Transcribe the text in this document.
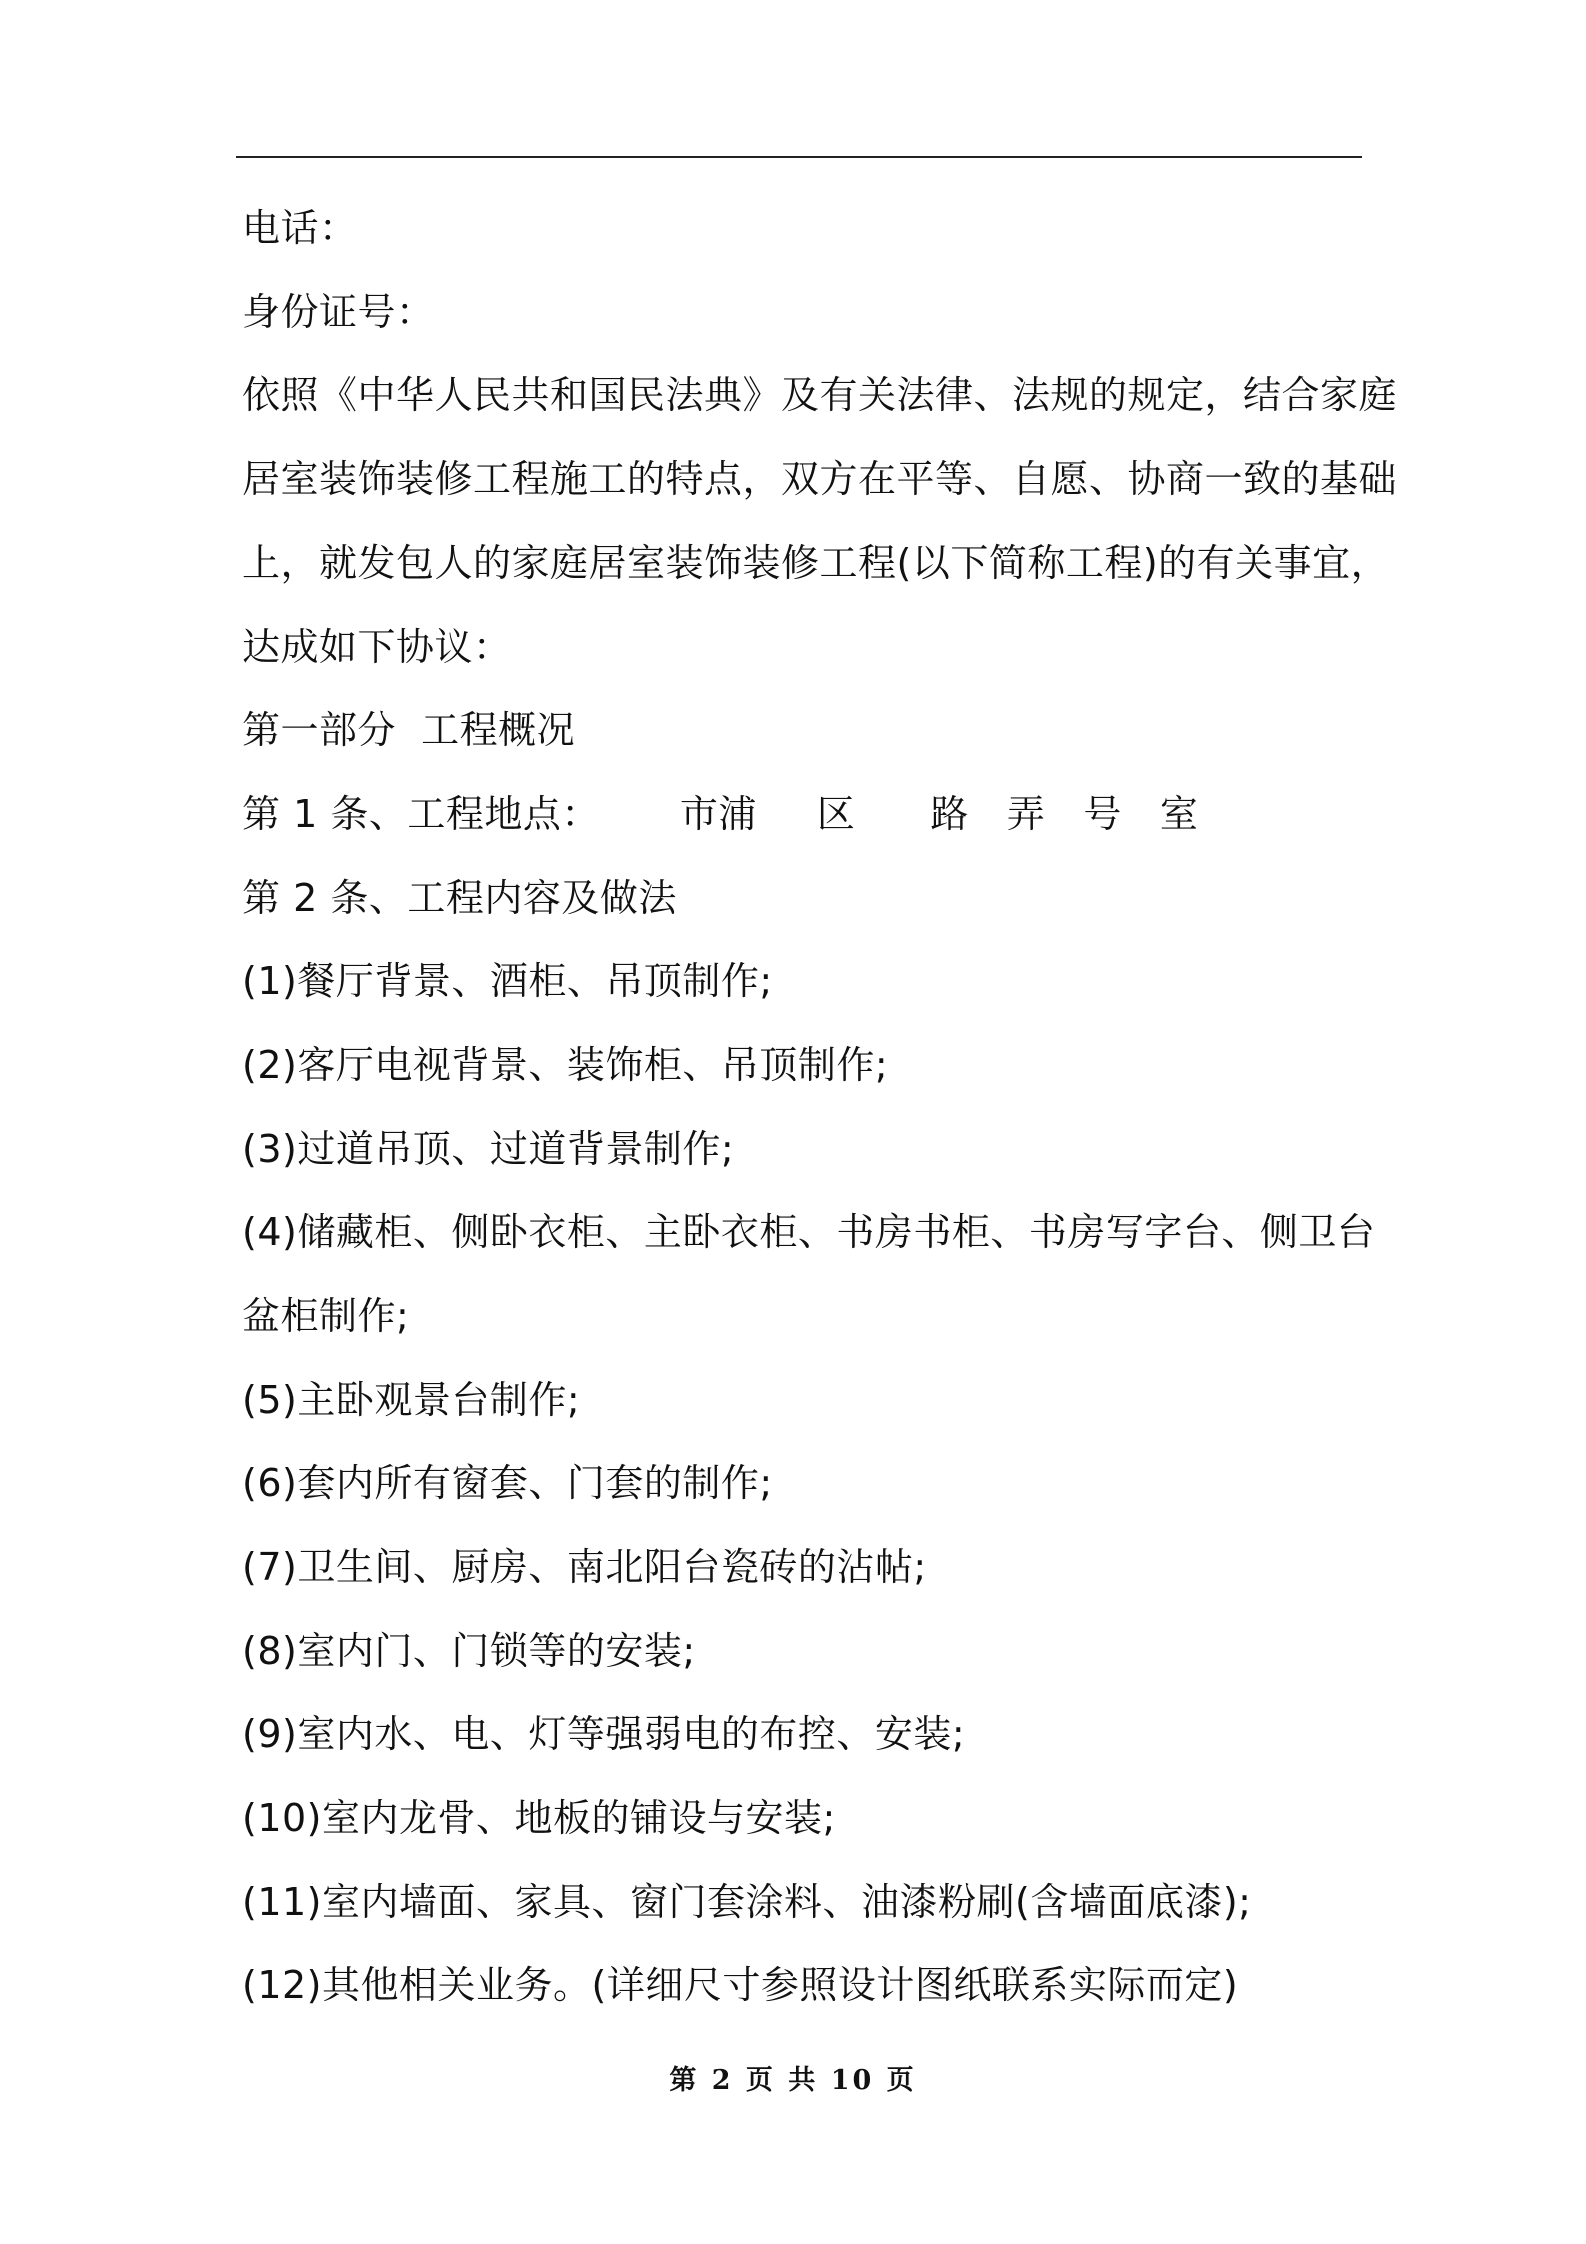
电话：
身份证号：
依照《中华人民共和国民法典》及有关法律、法规的规定，结合家庭
居室装饰装修工程施工的特点，双方在平等、自愿、协商一致的基础
上，就发包人的家庭居室装饰装修工程(以下简称工程)的有关事宜，
达成如下协议：
第一部分  工程概况
第 1 条、工程地点： 市浦 区 路 弄 号 室
第 2 条、工程内容及做法
(1)餐厅背景、酒柜、吊顶制作;
(2)客厅电视背景、装饰柜、吊顶制作;
(3)过道吊顶、过道背景制作;
(4)储藏柜、侧卧衣柜、主卧衣柜、书房书柜、书房写字台、侧卫台
盆柜制作;
(5)主卧观景台制作;
(6)套内所有窗套、门套的制作;
(7)卫生间、厨房、南北阳台瓷砖的沾帖;
(8)室内门、门锁等的安装;
(9)室内水、电、灯等强弱电的布控、安装;
(10)室内龙骨、地板的铺设与安装;
(11)室内墙面、家具、窗门套涂料、油漆粉刷(含墙面底漆);
(12)其他相关业务。(详细尺寸参照设计图纸联系实际而定)
第 2 页 共 10 页
